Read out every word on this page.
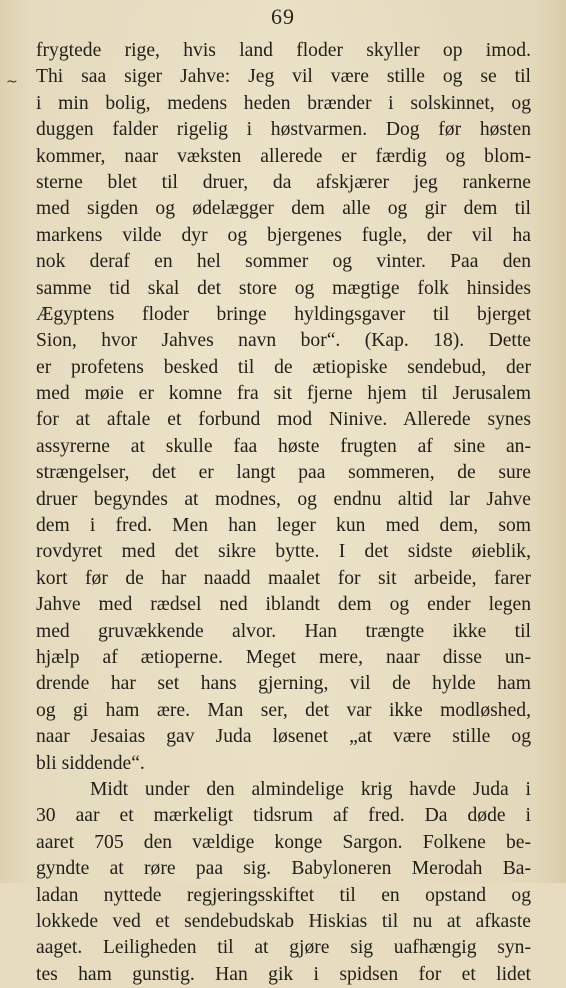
69
~
frygtede rige, hvis land floder skyller op imod.
Thi saa siger Jahve: Jeg vil være stille og se til
i min bolig, medens heden brænder i solskinnet, og
duggen falder rigelig i høstvarmen. Dog før høsten
kommer, naar væksten allerede er færdig og blom-
sterne blet til druer, da afskjærer jeg rankerne
med sigden og ødelægger dem alle og gir dem til
markens vilde dyr og bjergenes fugle, der vil ha
nok deraf en hel sommer og vinter. Paa den
samme tid skal det store og mægtige folk hinsides
Ægyptens floder bringe hyldingsgaver til bjerget
Sion, hvor Jahves navn bor“. (Kap. 18). Dette
er profetens besked til de ætiopiske sendebud, der
med møie er komne fra sit fjerne hjem til Jerusalem
for at aftale et forbund mod Ninive. Allerede synes
assyrerne at skulle faa høste frugten af sine an-
strængelser, det er langt paa sommeren, de sure
druer begyndes at modnes, og endnu altid lar Jahve
dem i fred. Men han leger kun med dem, som
rovdyret med det sikre bytte. I det sidste øieblik,
kort før de har naadd maalet for sit arbeide, farer
Jahve med rædsel ned iblandt dem og ender legen
med gruvækkende alvor. Han trængte ikke til
hjælp af ætioperne. Meget mere, naar disse un-
drende har set hans gjerning, vil de hylde ham
og gi ham ære. Man ser, det var ikke modløshed,
naar Jesaias gav Juda løsenet „at være stille og
bli siddende“.
Midt under den almindelige krig havde Juda i
30 aar et mærkeligt tidsrum af fred. Da døde i
aaret 705 den vældige konge Sargon. Folkene be-
gyndte at røre paa sig. Babyloneren Merodah Ba-
ladan nyttede regjeringsskiftet til en opstand og
lokkede ved et sendebudskab Hiskias til nu at afkaste
aaget. Leiligheden til at gjøre sig uafhængig syn-
tes ham gunstig. Han gik i spidsen for et lidet
